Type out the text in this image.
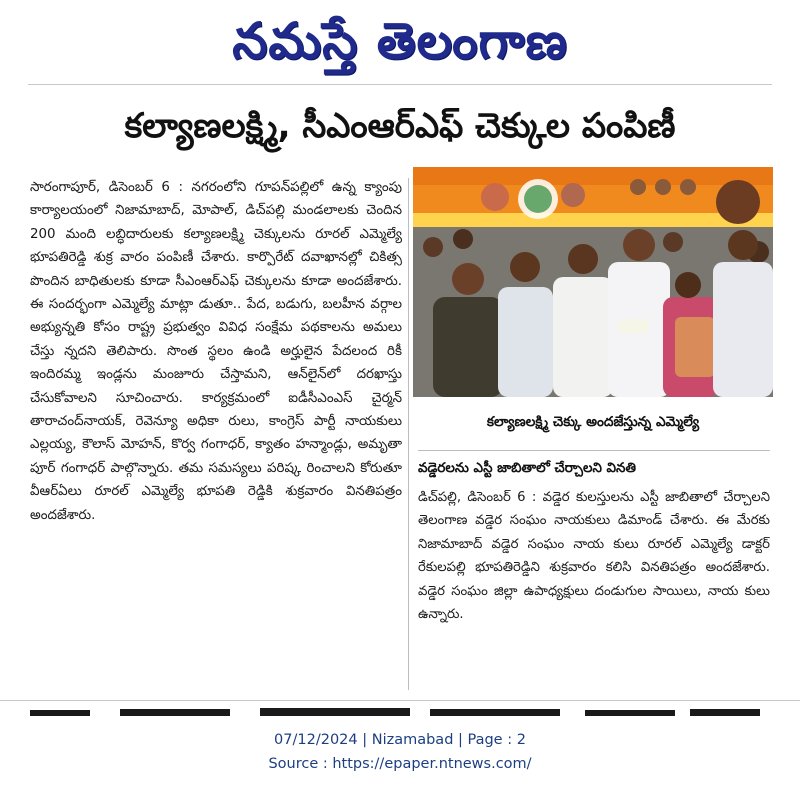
నమస్తే తెలంగాణ
కల్యాణలక్ష్మి, సీఎంఆర్ఎఫ్ చెక్కుల పంపిణీ
సారంగాపూర్, డిసెంబర్ 6 : నగరంలోని గూపన్‌పల్లిలో ఉన్న క్యాంపు కార్యాలయంలో నిజామాబాద్, మోపాల్, డిచ్‌పల్లి మండలాలకు చెందిన 200 మంది లబ్ధిదారులకు కల్యాణలక్ష్మి చెక్కులను రూరల్ ఎమ్మెల్యే భూపతిరెడ్డి శుక్ర వారం పంపిణీ చేశారు. కార్పొరేట్ దవాఖానల్లో చికిత్స పొందిన బాధితులకు కూడా సీఎంఆర్ఎఫ్ చెక్కులను కూడా అందజేశారు. ఈ సందర్భంగా ఎమ్మెల్యే మాట్లా డుతూ.. పేద, బడుగు, బలహీన వర్గాల అభ్యున్నతి కోసం రాష్ట్ర ప్రభుత్వం వివిధ సంక్షేమ పథకాలను అమలు చేస్తు న్నదని తెలిపారు. సొంత స్థలం ఉండి అర్హులైన పేదలంద రికీ ఇందిరమ్మ ఇండ్లను మంజూరు చేస్తామని, ఆన్‌లైన్‌లో దరఖాస్తు చేసుకోవాలని సూచించారు. కార్యక్రమంలో ఐడీసీఎంఎస్ చైర్మన్ తారాచంద్‌నాయక్, రెవెన్యూ అధికా రులు, కాంగ్రెస్ పార్టీ నాయకులు ఎల్లయ్య, కౌలాస్ మోహన్, కొర్వ గంగాధర్, క్యాతం హన్మాండ్లు, అమృతా పూర్ గంగాధర్ పాల్గొన్నారు. తమ సమస్యలు పరిష్క రించాలని కోరుతూ వీఆర్ఏలు రూరల్ ఎమ్మెల్యే భూపతి రెడ్డికి శుక్రవారం వినతిపత్రం అందజేశారు.
కల్యాణలక్ష్మి చెక్కు అందజేస్తున్న ఎమ్మెల్యే
వడ్డెరలను ఎస్టీ జాబితాలో చేర్చాలని వినతి
డిచ్‌పల్లి, డిసెంబర్ 6 : వడ్డెర కులస్తులను ఎస్టీ జాబితాలో చేర్చాలని తెలంగాణ వడ్డెర సంఘం నాయకులు డిమాండ్ చేశారు. ఈ మేరకు నిజామాబాద్ వడ్డెర సంఘం నాయ కులు రూరల్ ఎమ్మెల్యే డాక్టర్ రేకులపల్లి భూపతిరెడ్డిని శుక్రవారం కలిసి వినతిపత్రం అందజేశారు. వడ్డెర సంఘం జిల్లా ఉపాధ్యక్షులు దండుగుల సాయిలు, నాయ కులు ఉన్నారు.
07/12/2024 | Nizamabad | Page : 2
Source : https://epaper.ntnews.com/
